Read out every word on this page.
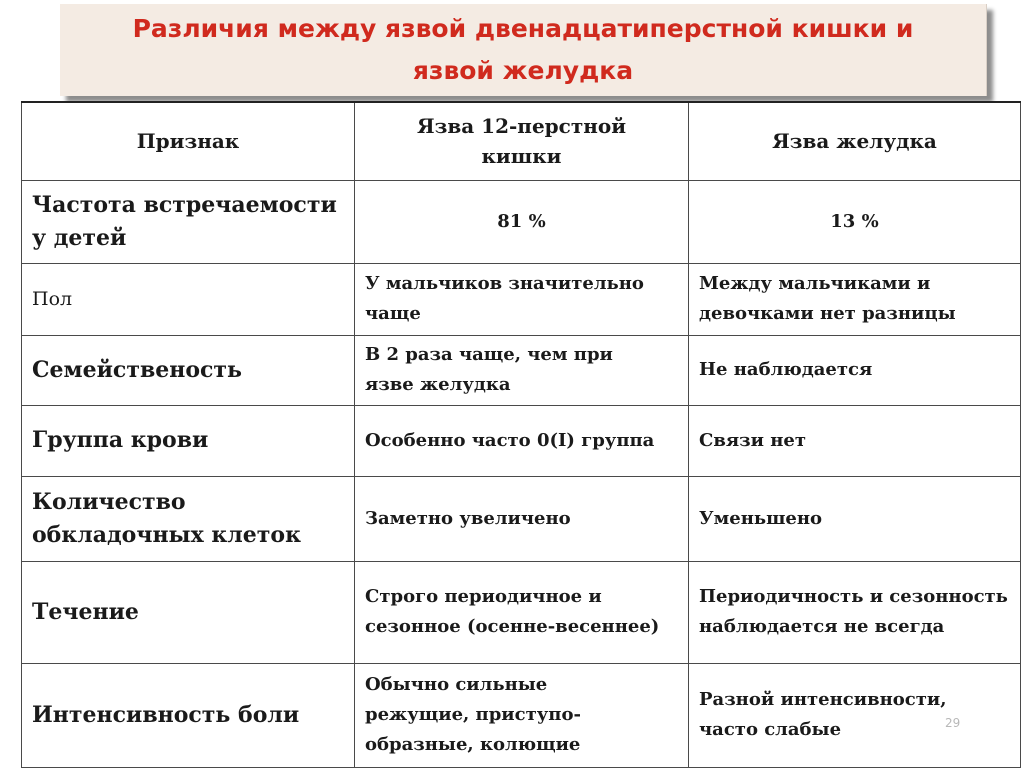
Различия между язвой двенадцатиперстной кишки и
язвой желудка
Признак	Язва 12-перстной кишки	Язва желудка
Частота встречаемости у детей	81 %	13 %
Пол	У мальчиков значительно чаще	Между мальчиками и девочками нет разницы
Семейственость	В 2 раза чаще, чем при язве желудка	Не наблюдается
Группа крови	Особенно часто 0(I) группа	Связи нет
Количество обкладочных клеток	Заметно увеличено	Уменьшено
Течение	Строго периодичное и сезонное (осенне-весеннее)	Периодичность и сезонность наблюдается не всегда
Интенсивность боли	Обычно сильные режущие, приступо-образные, колющие	Разной интенсивности, часто слабые	29
